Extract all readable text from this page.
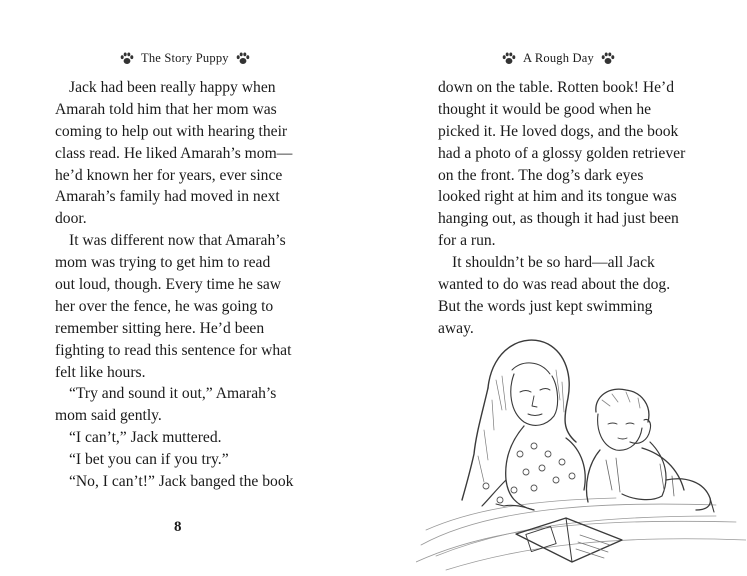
The Story Puppy
Jack had been really happy when
Amarah told him that her mom was
coming to help out with hearing their
class read. He liked Amarah’s mom—
he’d known her for years, ever since
Amarah’s family had moved in next
door.
It was different now that Amarah’s
mom was trying to get him to read
out loud, though. Every time he saw
her over the fence, he was going to
remember sitting here. He’d been
fighting to read this sentence for what
felt like hours.
“Try and sound it out,” Amarah’s
mom said gently.
“I can’t,” Jack muttered.
“I bet you can if you try.”
“No, I can’t!” Jack banged the book
8
A Rough Day
down on the table. Rotten book! He’d
thought it would be good when he
picked it. He loved dogs, and the book
had a photo of a glossy golden retriever
on the front. The dog’s dark eyes
looked right at him and its tongue was
hanging out, as though it had just been
for a run.
It shouldn’t be so hard—all Jack
wanted to do was read about the dog.
But the words just kept swimming
away.
